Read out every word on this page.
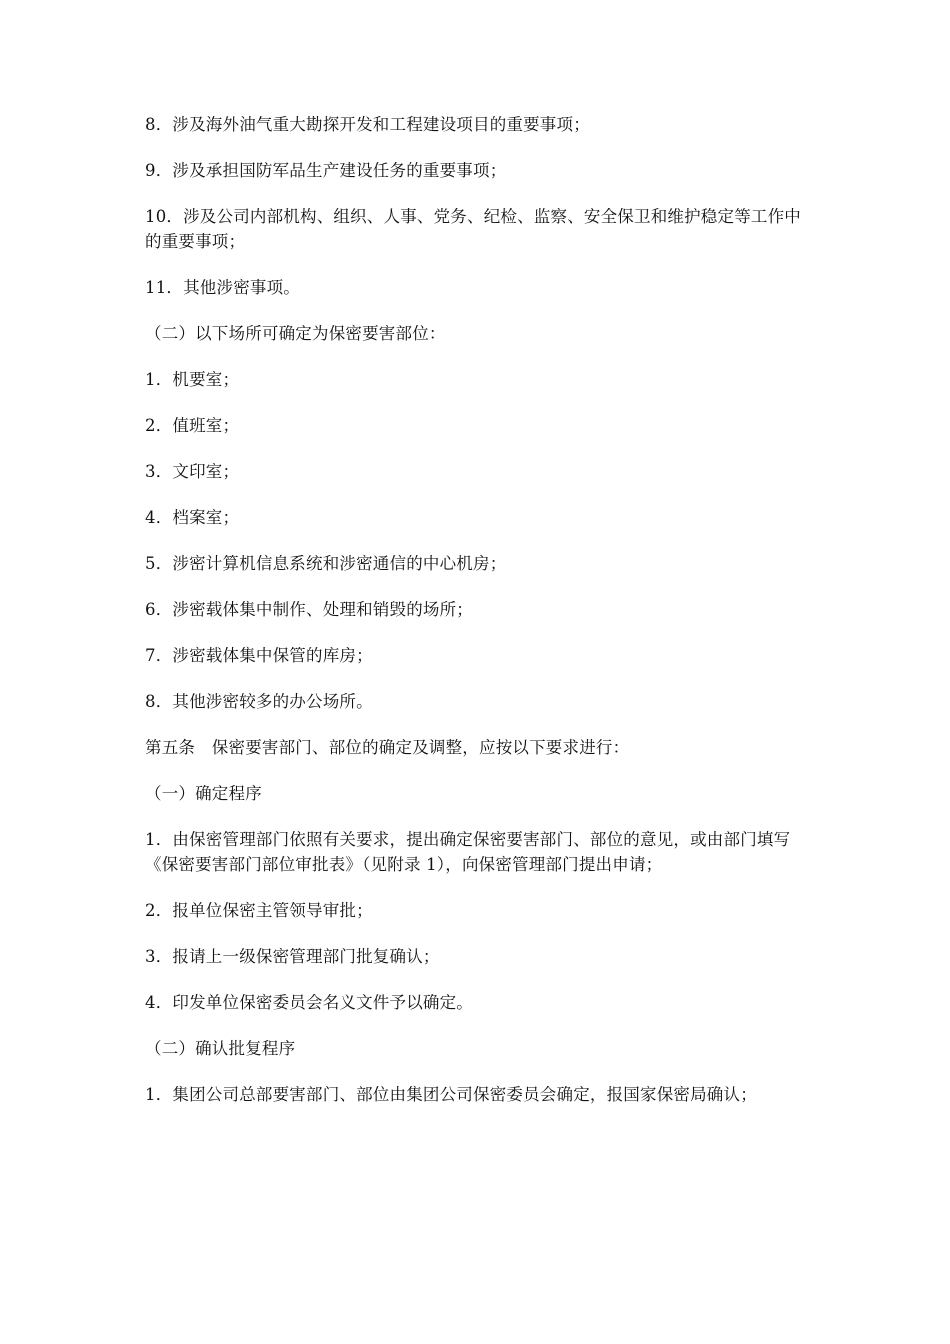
8．涉及海外油气重大勘探开发和工程建设项目的重要事项；

9．涉及承担国防军品生产建设任务的重要事项；

10．涉及公司内部机构、组织、人事、党务、纪检、监察、安全保卫和维护稳定等工作中的重要事项；

11．其他涉密事项。

（二）以下场所可确定为保密要害部位：

1．机要室；

2．值班室；

3．文印室；

4．档案室；

5．涉密计算机信息系统和涉密通信的中心机房；

6．涉密载体集中制作、处理和销毁的场所；

7．涉密载体集中保管的库房；

8．其他涉密较多的办公场所。

第五条　保密要害部门、部位的确定及调整，应按以下要求进行：

（一）确定程序

1．由保密管理部门依照有关要求，提出确定保密要害部门、部位的意见，或由部门填写《保密要害部门部位审批表》（见附录 1），向保密管理部门提出申请；

2．报单位保密主管领导审批；

3．报请上一级保密管理部门批复确认；

4．印发单位保密委员会名义文件予以确定。

（二）确认批复程序

1．集团公司总部要害部门、部位由集团公司保密委员会确定，报国家保密局确认；
